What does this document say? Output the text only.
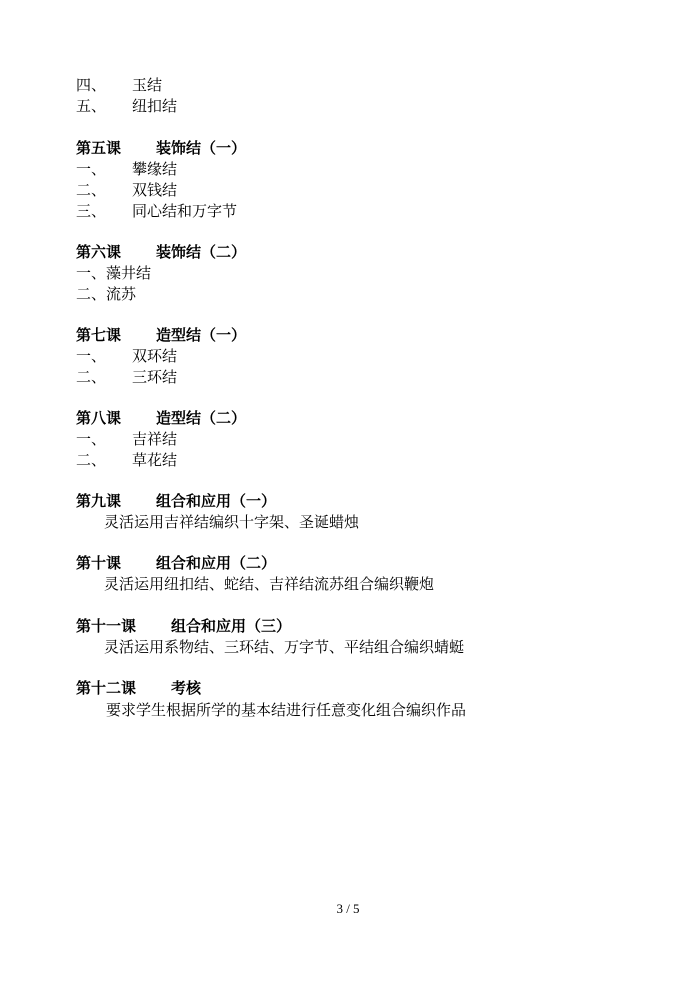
四、 玉结
五、 纽扣结
第五课 装饰结（一）
一、 攀缘结
二、 双钱结
三、 同心结和万字节
第六课 装饰结（二）
一、藻井结
二、流苏
第七课 造型结（一）
一、 双环结
二、 三环结
第八课 造型结（二）
一、 吉祥结
二、 草花结
第九课 组合和应用（一）
灵活运用吉祥结编织十字架、圣诞蜡烛
第十课 组合和应用（二）
灵活运用纽扣结、蛇结、吉祥结流苏组合编织鞭炮
第十一课 组合和应用（三）
灵活运用系物结、三环结、万字节、平结组合编织蜻蜓
第十二课 考核
要求学生根据所学的基本结进行任意变化组合编织作品
3 / 5
